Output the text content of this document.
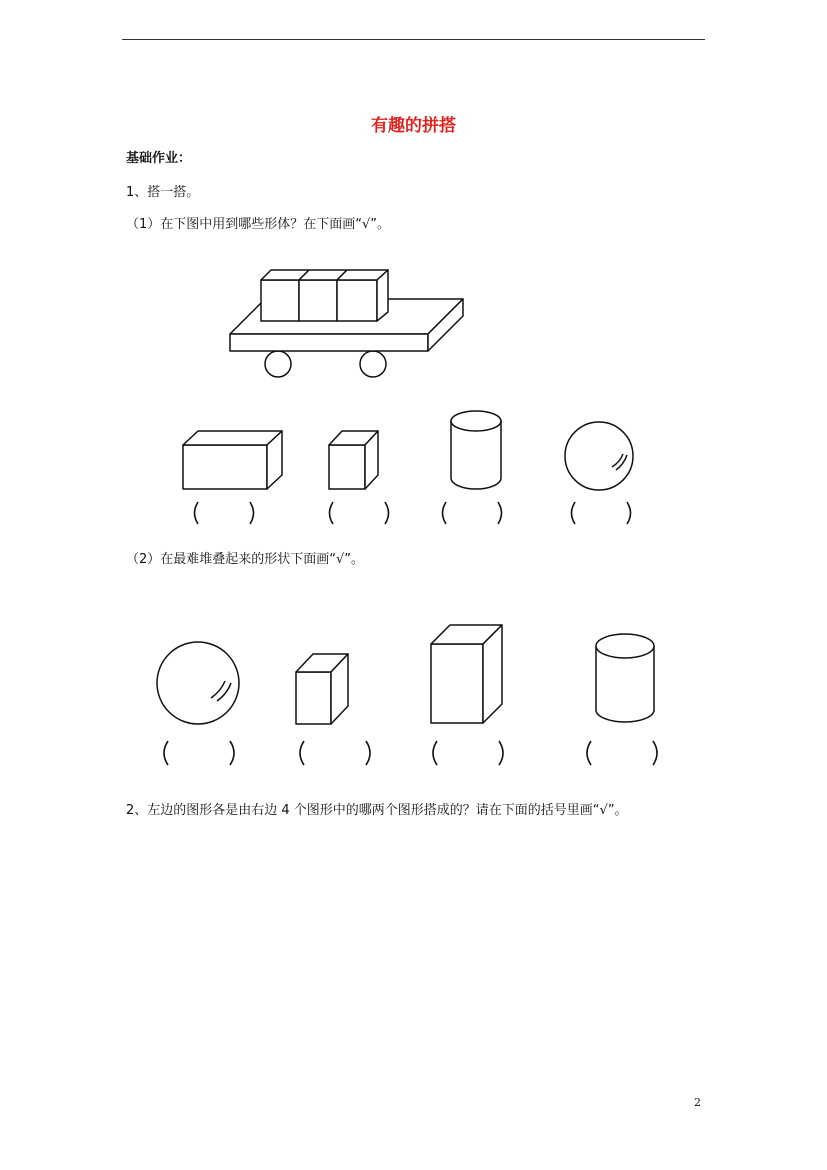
有趣的拼搭
基础作业：
1、搭一搭。
（1）在下图中用到哪些形体？在下面画“√”。
（2）在最难堆叠起来的形状下面画“√”。
2、左边的图形各是由右边 4 个图形中的哪两个图形搭成的？请在下面的括号里画“√”。
2
